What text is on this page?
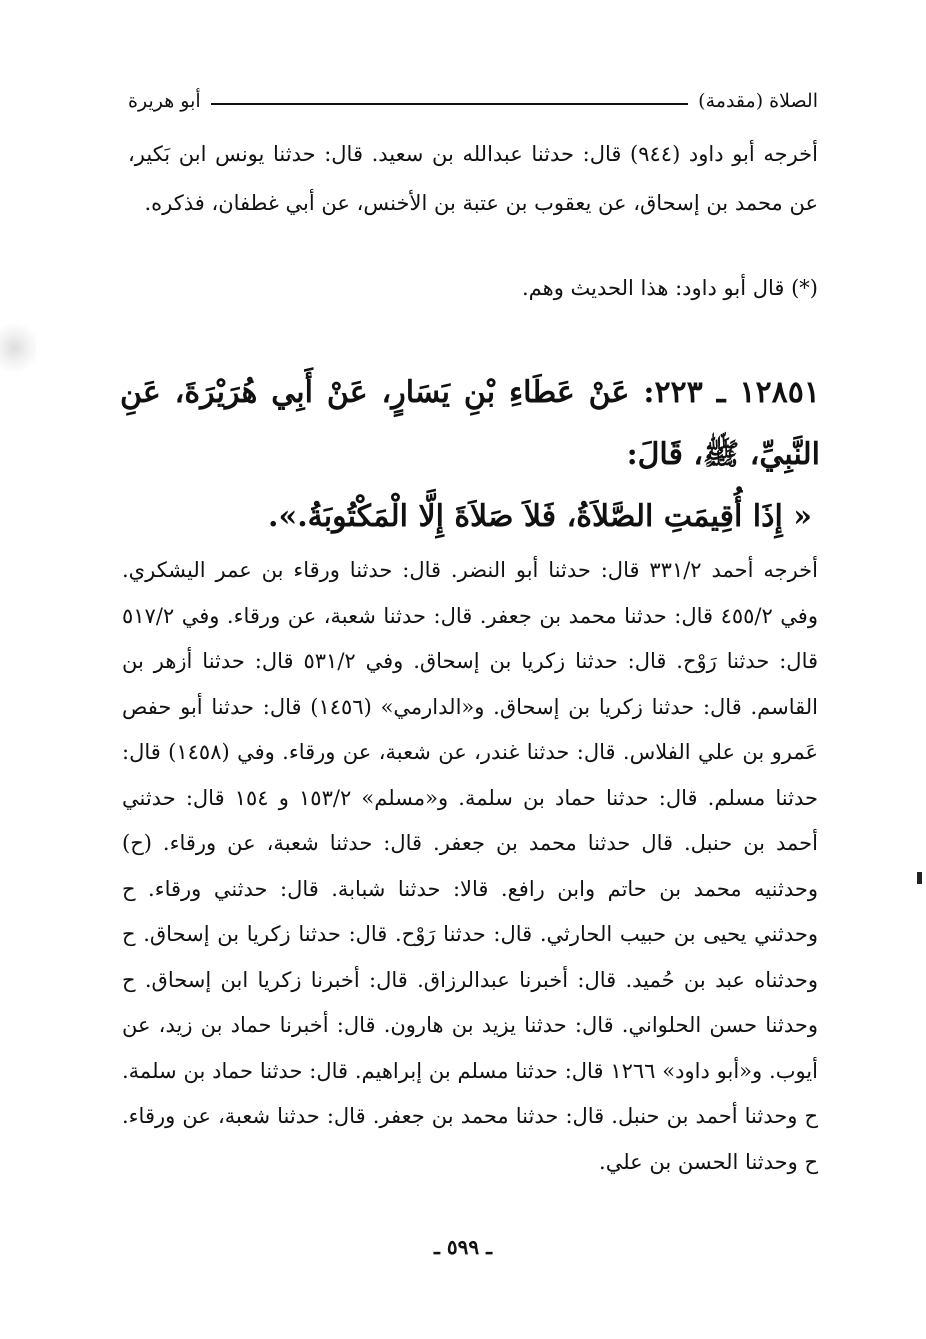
الصلاة (مقدمة)
أبو هريرة
أخرجه أبو داود (٩٤٤) قال: حدثنا عبدالله بن سعيد. قال: حدثنا يونس ابن بَكير، عن محمد بن إسحاق، عن يعقوب بن عتبة بن الأخنس، عن أبي غطفان، فذكره.
(*) قال أبو داود: هذا الحديث وهم.
١٢٨٥١ ـ ٢٢٣: عَنْ عَطَاءِ بْنِ يَسَارٍ، عَنْ أَبِي هُرَيْرَةَ، عَنِ النَّبِيِّ، ﷺ، قَالَ:
« إِذَا أُقِيمَتِ الصَّلاَةُ، فَلاَ صَلاَةَ إِلَّا الْمَكْتُوبَةُ.».
أخرجه أحمد ٣٣١/٢ قال: حدثنا أبو النضر. قال: حدثنا ورقاء بن عمر اليشكري. وفي ٤٥٥/٢ قال: حدثنا محمد بن جعفر. قال: حدثنا شعبة، عن ورقاء. وفي ٥١٧/٢ قال: حدثنا رَوْح. قال: حدثنا زكريا بن إسحاق. وفي ٥٣١/٢ قال: حدثنا أزهر بن القاسم. قال: حدثنا زكريا بن إسحاق. و«الدارمي» (١٤٥٦) قال: حدثنا أبو حفص عَمرو بن علي الفلاس. قال: حدثنا غندر، عن شعبة، عن ورقاء. وفي (١٤٥٨) قال: حدثنا مسلم. قال: حدثنا حماد بن سلمة. و«مسلم» ١٥٣/٢ و ١٥٤ قال: حدثني أحمد بن حنبل. قال حدثنا محمد بن جعفر. قال: حدثنا شعبة، عن ورقاء. (ح) وحدثنيه محمد بن حاتم وابن رافع. قالا: حدثنا شبابة. قال: حدثني ورقاء. ح وحدثني يحيى بن حبيب الحارثي. قال: حدثنا رَوْح. قال: حدثنا زكريا بن إسحاق. ح وحدثناه عبد بن حُميد. قال: أخبرنا عبدالرزاق. قال: أخبرنا زكريا ابن إسحاق. ح وحدثنا حسن الحلواني. قال: حدثنا يزيد بن هارون. قال: أخبرنا حماد بن زيد، عن أيوب. و«أبو داود» ١٢٦٦ قال: حدثنا مسلم بن إبراهيم. قال: حدثنا حماد بن سلمة. ح وحدثنا أحمد بن حنبل. قال: حدثنا محمد بن جعفر. قال: حدثنا شعبة، عن ورقاء. ح وحدثنا الحسن بن علي.
ـ ٥٩٩ ـ
